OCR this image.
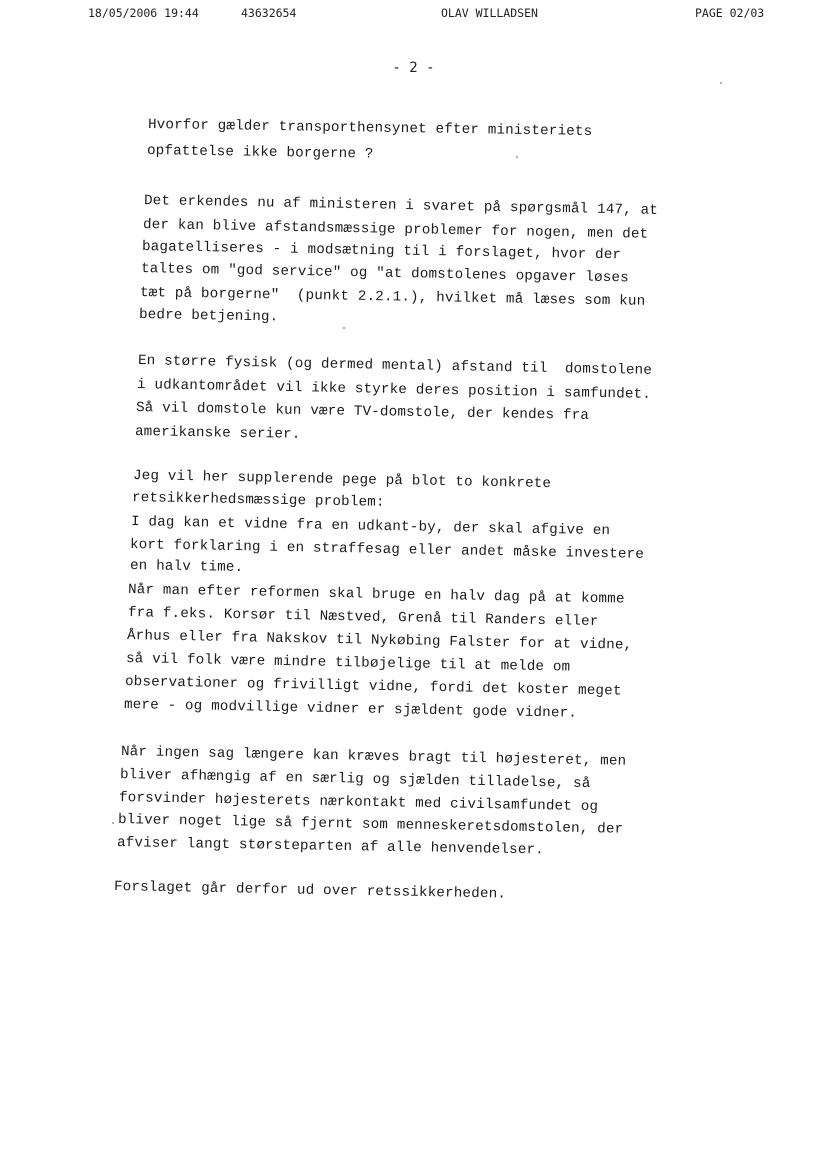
18/05/2006 19:44	43632654	OLAV WILLADSEN	PAGE 02/03
- 2 -
Hvorfor gælder transporthensynet efter ministeriets
opfattelse ikke borgerne ?
Det erkendes nu af ministeren i svaret på spørgsmål 147, at
der kan blive afstandsmæssige problemer for nogen, men det
bagatelliseres - i modsætning til i forslaget, hvor der
taltes om "god service" og "at domstolenes opgaver løses
tæt på borgerne"  (punkt 2.2.1.), hvilket må læses som kun
bedre betjening.
En større fysisk (og dermed mental) afstand til  domstolene
i udkantområdet vil ikke styrke deres position i samfundet.
Så vil domstole kun være TV-domstole, der kendes fra
amerikanske serier.
Jeg vil her supplerende pege på blot to konkrete
retsikkerhedsmæssige problem:
I dag kan et vidne fra en udkant-by, der skal afgive en
kort forklaring i en straffesag eller andet måske investere
en halv time.
Når man efter reformen skal bruge en halv dag på at komme
fra f.eks. Korsør til Næstved, Grenå til Randers eller
Århus eller fra Nakskov til Nykøbing Falster for at vidne,
så vil folk være mindre tilbøjelige til at melde om
observationer og frivilligt vidne, fordi det koster meget
mere - og modvillige vidner er sjældent gode vidner.
Når ingen sag længere kan kræves bragt til højesteret, men
bliver afhængig af en særlig og sjælden tilladelse, så
forsvinder højesterets nærkontakt med civilsamfundet og
bliver noget lige så fjernt som menneskeretsdomstolen, der
afviser langt størsteparten af alle henvendelser.
Forslaget går derfor ud over retssikkerheden.
